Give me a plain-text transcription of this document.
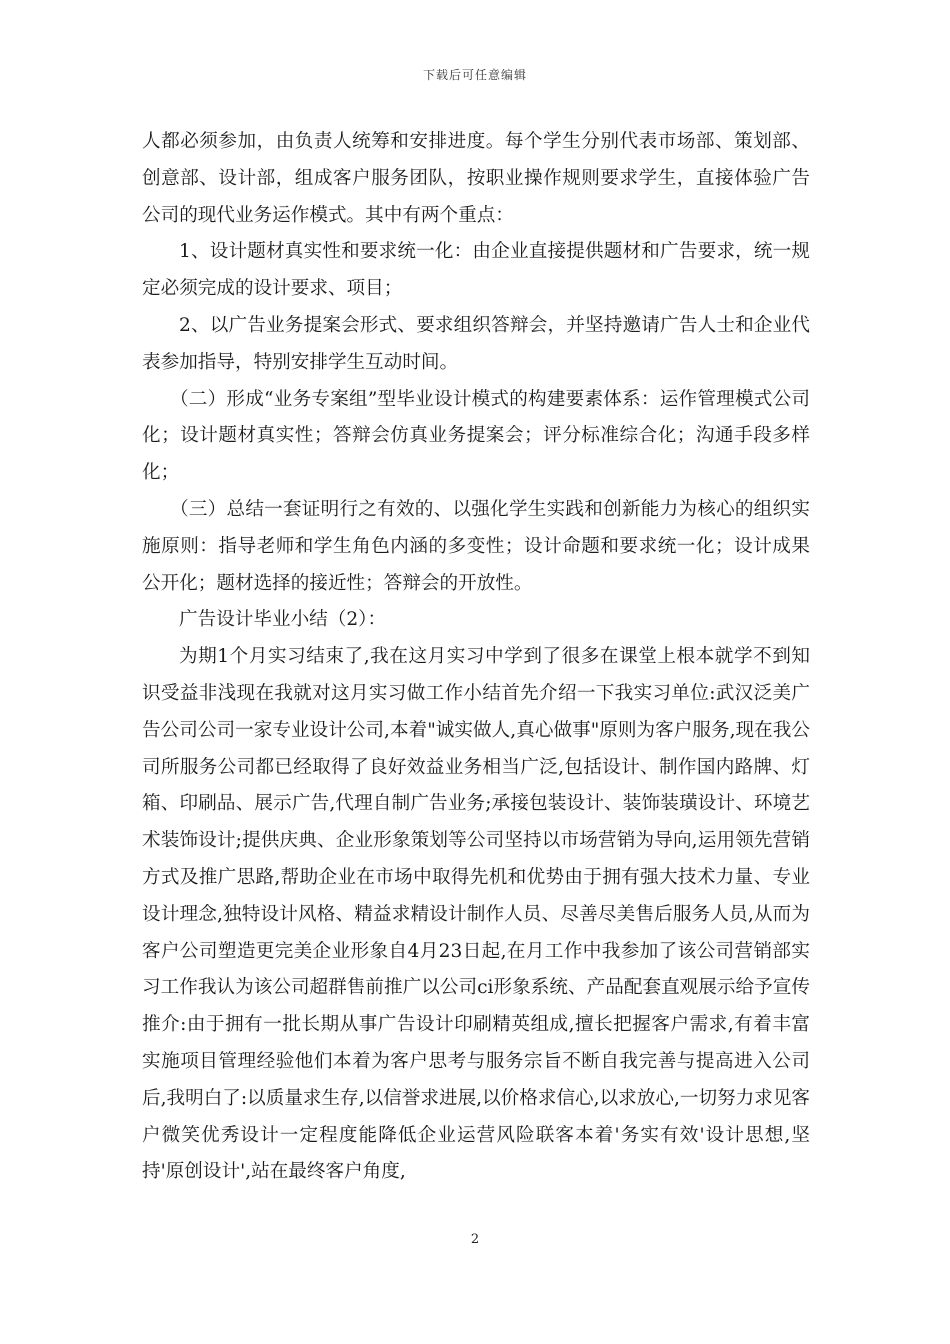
下载后可任意编辑

人都必须参加，由负责人统筹和安排进度。每个学生分别代表市场部、策划部、创意部、设计部，组成客户服务团队，按职业操作规则要求学生，直接体验广告公司的现代业务运作模式。其中有两个重点：

1、设计题材真实性和要求统一化：由企业直接提供题材和广告要求，统一规定必须完成的设计要求、项目；

2、以广告业务提案会形式、要求组织答辩会，并坚持邀请广告人士和企业代表参加指导，特别安排学生互动时间。

（二）形成“业务专案组”型毕业设计模式的构建要素体系：运作管理模式公司化；设计题材真实性；答辩会仿真业务提案会；评分标准综合化；沟通手段多样化；

（三）总结一套证明行之有效的、以强化学生实践和创新能力为核心的组织实施原则：指导老师和学生角色内涵的多变性；设计命题和要求统一化；设计成果公开化；题材选择的接近性；答辩会的开放性。

广告设计毕业小结（2）：

为期1个月实习结束了,我在这月实习中学到了很多在课堂上根本就学不到知识受益非浅现在我就对这月实习做工作小结首先介绍一下我实习单位:武汉泛美广告公司公司一家专业设计公司,本着"诚实做人,真心做事"原则为客户服务,现在我公司所服务公司都已经取得了良好效益业务相当广泛,包括设计、制作国内路牌、灯箱、印刷品、展示广告,代理自制广告业务;承接包装设计、装饰装璜设计、环境艺术装饰设计;提供庆典、企业形象策划等公司坚持以市场营销为导向,运用领先营销方式及推广思路,帮助企业在市场中取得先机和优势由于拥有强大技术力量、专业设计理念,独特设计风格、精益求精设计制作人员、尽善尽美售后服务人员,从而为客户公司塑造更完美企业形象自4月23日起,在月工作中我参加了该公司营销部实习工作我认为该公司超群售前推广以公司ci形象系统、产品配套直观展示给予宣传推介:由于拥有一批长期从事广告设计印刷精英组成,擅长把握客户需求,有着丰富实施项目管理经验他们本着为客户思考与服务宗旨不断自我完善与提高进入公司后,我明白了:以质量求生存,以信誉求进展,以价格求信心,以求放心,一切努力求见客户微笑优秀设计一定程度能降低企业运营风险联客本着'务实有效'设计思想,坚持'原创设计',站在最终客户角度,

2
